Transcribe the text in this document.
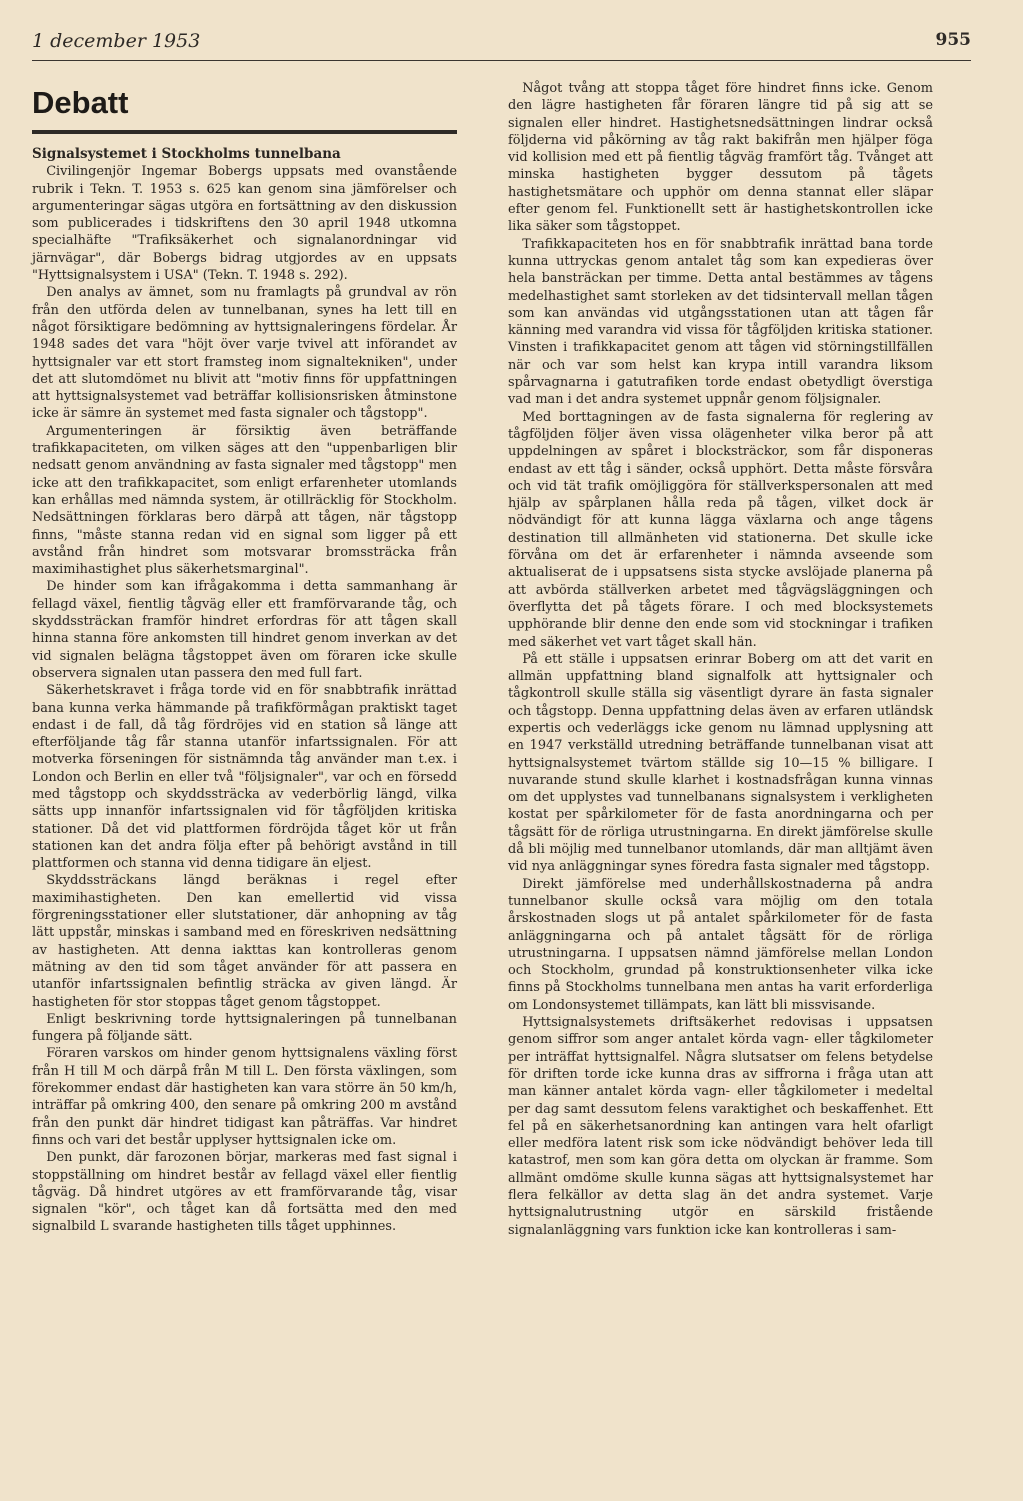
1 december 1953	955
Debatt
Signalsystemet i Stockholms tunnelbana

Civilingenjör Ingemar Bobergs uppsats med ovanstående rubrik i Tekn. T. 1953 s. 625 kan genom sina jämförelser och argumenteringar sägas utgöra en fortsättning av den diskussion som publicerades i tidskriftens den 30 april 1948 utkomna specialhäfte "Trafiksäkerhet och signalanordningar vid järnvägar", där Bobergs bidrag utgjordes av en uppsats "Hyttsignalsystem i USA" (Tekn. T. 1948 s. 292).

Den analys av ämnet, som nu framlagts på grundval av rön från den utförda delen av tunnelbanan, synes ha lett till en något försiktigare bedömning av hyttsignaleringens fördelar. År 1948 sades det vara "höjt över varje tvivel att införandet av hyttsignaler var ett stort framsteg inom signaltekniken", under det att slutomdömet nu blivit att "motiv finns för uppfattningen att hyttsignalsystemet vad beträffar kollisionsrisken åtminstone icke är sämre än systemet med fasta signaler och tågstopp".

Argumenteringen är försiktig även beträffande trafikkapaciteten, om vilken säges att den "uppenbarligen blir nedsatt genom användning av fasta signaler med tågstopp" men icke att den trafikkapacitet, som enligt erfarenheter utomlands kan erhållas med nämnda system, är otillräcklig för Stockholm. Nedsättningen förklaras bero därpå att tågen, när tågstopp finns, "måste stanna redan vid en signal som ligger på ett avstånd från hindret som motsvarar bromssträcka från maximihastighet plus säkerhetsmarginal".

De hinder som kan ifrågakomma i detta sammanhang är fellagd växel, fientlig tågväg eller ett framförvarande tåg, och skyddssträckan framför hindret erfordras för att tågen skall hinna stanna före ankomsten till hindret genom inverkan av det vid signalen belägna tågstoppet även om föraren icke skulle observera signalen utan passera den med full fart.

Säkerhetskravet i fråga torde vid en för snabbtrafik inrättad bana kunna verka hämmande på trafikförmågan praktiskt taget endast i de fall, då tåg fördröjes vid en station så länge att efterföljande tåg får stanna utanför infartssignalen. För att motverka förseningen för sistnämnda tåg använder man t.ex. i London och Berlin en eller två "följsignaler", var och en försedd med tågstopp och skyddssträcka av vederbörlig längd, vilka sätts upp innanför infartssignalen vid för tågföljden kritiska stationer. Då det vid plattformen fördröjda tåget kör ut från stationen kan det andra följa efter på behörigt avstånd in till plattformen och stanna vid denna tidigare än eljest.

Skyddssträckans längd beräknas i regel efter maximihastigheten. Den kan emellertid vid vissa förgreningsstationer eller slutstationer, där anhopning av tåg lätt uppstår, minskas i samband med en föreskriven nedsättning av hastigheten. Att denna iakttas kan kontrolleras genom mätning av den tid som tåget använder för att passera en utanför infartssignalen befintlig sträcka av given längd. Är hastigheten för stor stoppas tåget genom tågstoppet.

Enligt beskrivning torde hyttsignaleringen på tunnelbanan fungera på följande sätt.

Föraren varskos om hinder genom hyttsignalens växling först från H till M och därpå från M till L. Den första växlingen, som förekommer endast där hastigheten kan vara större än 50 km/h, inträffar på omkring 400, den senare på omkring 200 m avstånd från den punkt där hindret tidigast kan påträffas. Var hindret finns och vari det består upplyser hyttsignalen icke om.

Den punkt, där farozonen börjar, markeras med fast signal i stoppställning om hindret består av fellagd växel eller fientlig tågväg. Då hindret utgöres av ett framförvarande tåg, visar signalen "kör", och tåget kan då fortsätta med den med signalbild L svarande hastigheten tills tåget upphinnes.

Något tvång att stoppa tåget före hindret finns icke. Genom den lägre hastigheten får föraren längre tid på sig att se signalen eller hindret. Hastighetsnedsättningen lindrar också följderna vid påkörning av tåg rakt bakifrån men hjälper föga vid kollision med ett på fientlig tågväg framfört tåg. Tvånget att minska hastigheten bygger dessutom på tågets hastighetsmätare och upphör om denna stannat eller släpar efter genom fel. Funktionellt sett är hastighetskontrollen icke lika säker som tågstoppet.

Trafikkapaciteten hos en för snabbtrafik inrättad bana torde kunna uttryckas genom antalet tåg som kan expedieras över hela bansträckan per timme. Detta antal bestämmes av tågens medelhastighet samt storleken av det tidsintervall mellan tågen som kan användas vid utgångsstationen utan att tågen får känning med varandra vid vissa för tågföljden kritiska stationer. Vinsten i trafikkapacitet genom att tågen vid störningstillfällen när och var som helst kan krypa intill varandra liksom spårvagnarna i gatutrafiken torde endast obetydligt överstiga vad man i det andra systemet uppnår genom följsignaler.

Med borttagningen av de fasta signalerna för reglering av tågföljden följer även vissa olägenheter vilka beror på att uppdelningen av spåret i blocksträckor, som får disponeras endast av ett tåg i sänder, också upphört. Detta måste försvåra och vid tät trafik omöjliggöra för ställverkspersonalen att med hjälp av spårplanen hålla reda på tågen, vilket dock är nödvändigt för att kunna lägga växlarna och ange tågens destination till allmänheten vid stationerna. Det skulle icke förvåna om det är erfarenheter i nämnda avseende som aktualiserat de i uppsatsens sista stycke avslöjade planerna på att avbörda ställverken arbetet med tågvägsläggningen och överflytta det på tågets förare. I och med blocksystemets upphörande blir denne den ende som vid stockningar i trafiken med säkerhet vet vart tåget skall hän.

På ett ställe i uppsatsen erinrar Boberg om att det varit en allmän uppfattning bland signalfolk att hyttsignaler och tågkontroll skulle ställa sig väsentligt dyrare än fasta signaler och tågstopp. Denna uppfattning delas även av erfaren utländsk expertis och vederläggs icke genom nu lämnad upplysning att en 1947 verkställd utredning beträffande tunnelbanan visat att hyttsignalsystemet tvärtom ställde sig 10—15 % billigare. I nuvarande stund skulle klarhet i kostnadsfrågan kunna vinnas om det upplystes vad tunnelbanans signalsystem i verkligheten kostat per spårkilometer för de fasta anordningarna och per tågsätt för de rörliga utrustningarna. En direkt jämförelse skulle då bli möjlig med tunnelbanor utomlands, där man alltjämt även vid nya anläggningar synes föredra fasta signaler med tågstopp.

Direkt jämförelse med underhållskostnaderna på andra tunnelbanor skulle också vara möjlig om den totala årskostnaden slogs ut på antalet spårkilometer för de fasta anläggningarna och på antalet tågsätt för de rörliga utrustningarna. I uppsatsen nämnd jämförelse mellan London och Stockholm, grundad på konstruktionsenheter vilka icke finns på Stockholms tunnelbana men antas ha varit erforderliga om Londonsystemet tillämpats, kan lätt bli missvisande.

Hyttsignalsystemets driftsäkerhet redovisas i uppsatsen genom siffror som anger antalet körda vagn- eller tågkilometer per inträffat hyttsignalfel. Några slutsatser om felens betydelse för driften torde icke kunna dras av siffrorna i fråga utan att man känner antalet körda vagn- eller tågkilometer i medeltal per dag samt dessutom felens varaktighet och beskaffenhet. Ett fel på en säkerhetsanordning kan antingen vara helt ofarligt eller medföra latent risk som icke nödvändigt behöver leda till katastrof, men som kan göra detta om olyckan är framme. Som allmänt omdöme skulle kunna sägas att hyttsignalsystemet har flera felkällor av detta slag än det andra systemet. Varje hyttsignalutrustning utgör en särskild fristående signalanläggning vars funktion icke kan kontrolleras i sam-
